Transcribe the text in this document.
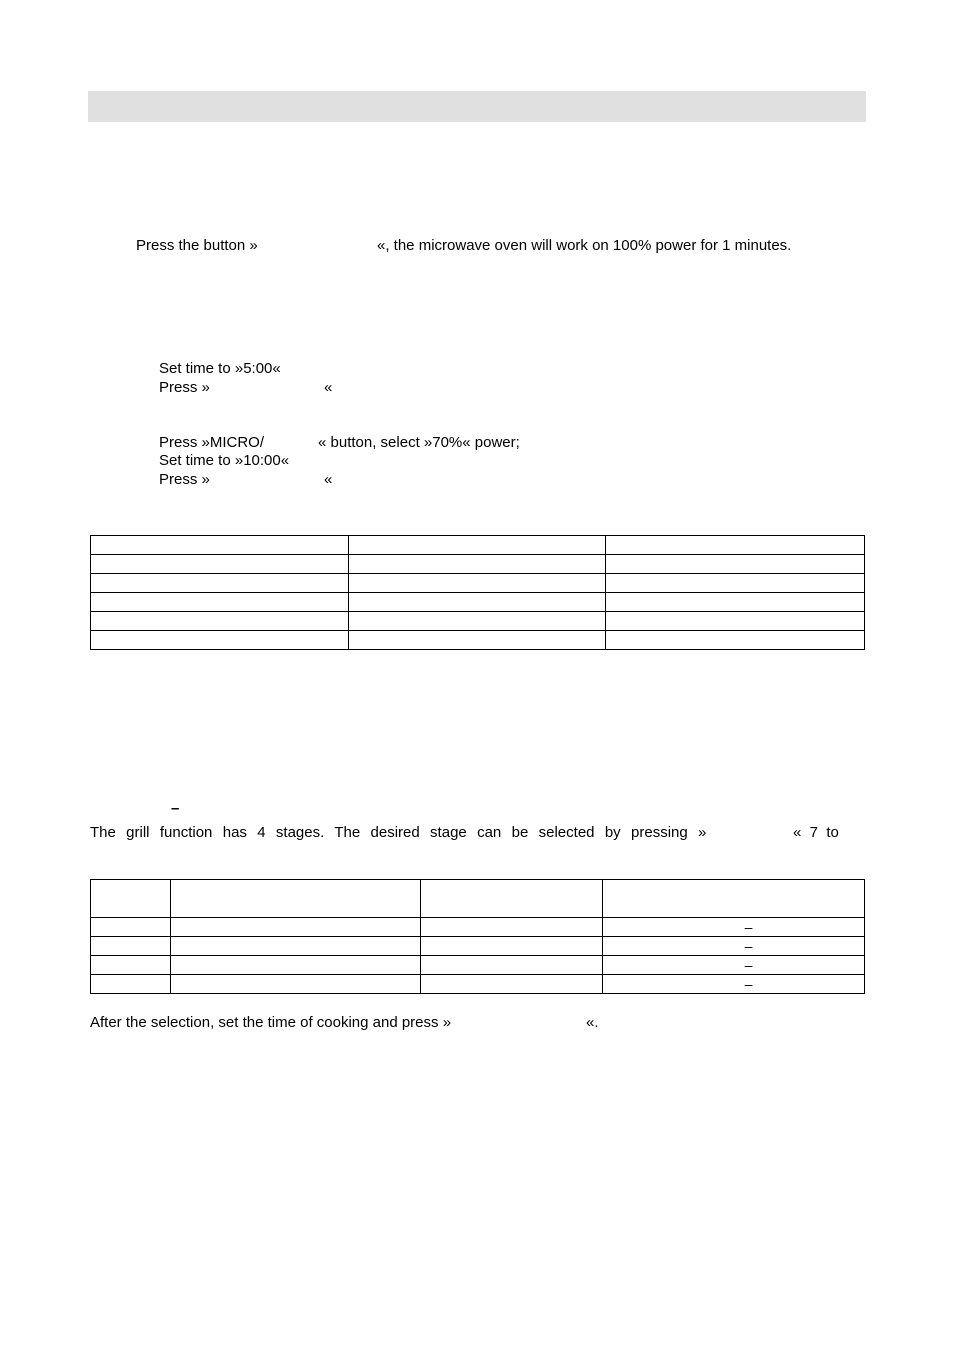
Press the button »	«, the microwave oven will work on 100% power for 1 minutes.
Set time to »5:00«
Press »	«
Press »MICRO/	« button, select »70%« power;
Set time to »10:00«
Press »	«

–
The  grill  function  has  4  stages.  The  desired  stage  can  be  selected  by  pressing  »	«  7  to

			–
			–
			–
			–
After the selection, set the time of cooking and press »	«.
